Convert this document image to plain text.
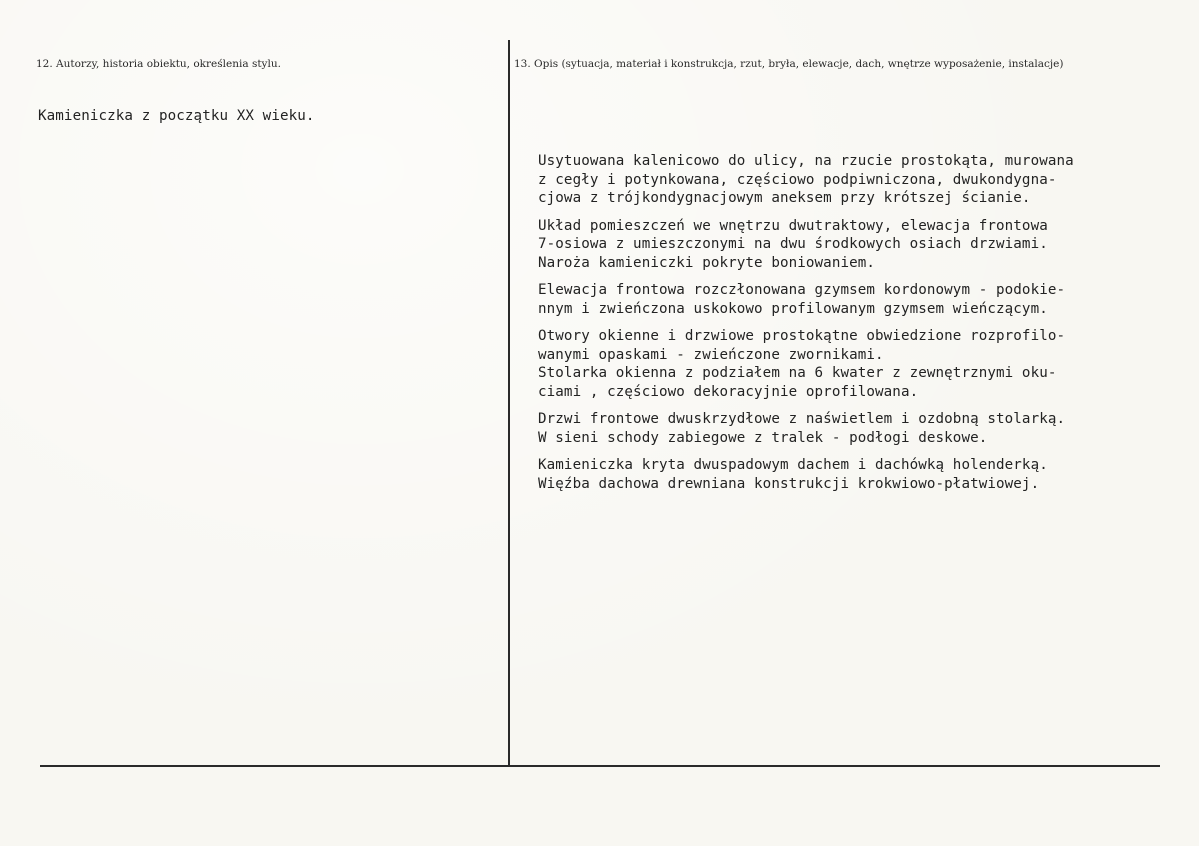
12. Autorzy, historia obiektu, określenia stylu.
Kamieniczka z początku XX wieku.
13. Opis (sytuacja, materiał i konstrukcja, rzut, bryła, elewacje, dach, wnętrze wyposażenie, instalacje)

Usytuowana kalenicowo do ulicy, na rzucie prostokąta, murowana
z cegły i potynkowana, częściowo podpiwniczona, dwukondygna-
cjowa z trójkondygnacjowym aneksem przy krótszej ścianie.
Układ pomieszczeń we wnętrzu dwutraktowy, elewacja frontowa
7-osiowa z umieszczonymi na dwu środkowych osiach drzwiami.
Naroża kamieniczki pokryte boniowaniem.
Elewacja frontowa rozczłonowana gzymsem kordonowym - podokie-
nnym i zwieńczona uskokowo profilowanym gzymsem wieńczącym.
Otwory okienne i drzwiowe prostokątne obwiedzione rozprofilo-
wanymi opaskami - zwieńczone zwornikami.
Stolarka okienna z podziałem na 6 kwater z zewnętrznymi oku-
ciami , częściowo dekoracyjnie oprofilowana.
Drzwi frontowe dwuskrzydłowe z naświetlem i ozdobną stolarką.
W sieni schody zabiegowe z tralek - podłogi deskowe.
Kamieniczka kryta dwuspadowym dachem i dachówką holenderką.
Więźba dachowa drewniana konstrukcji krokwiowo-płatwiowej.
